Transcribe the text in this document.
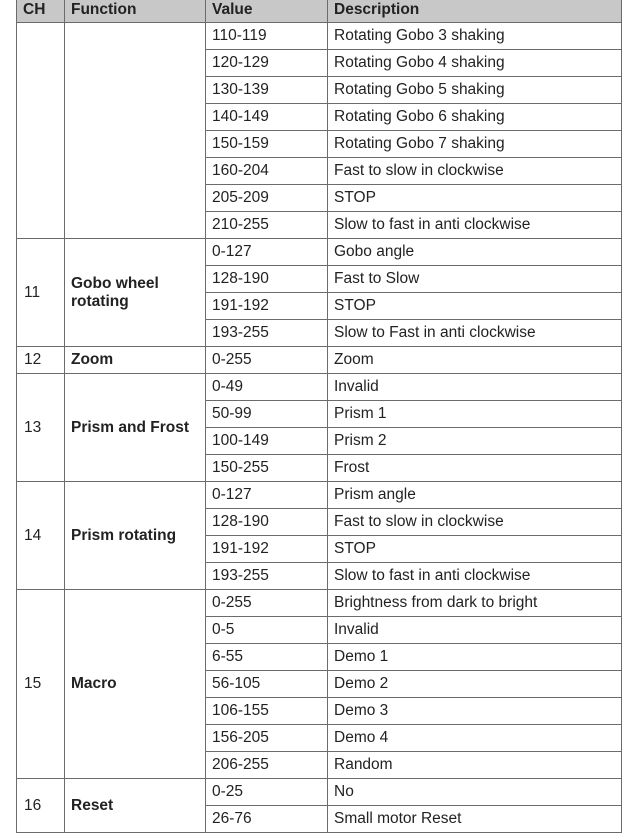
CH	Function	Value	Description
		110-119	Rotating Gobo 3 shaking
		120-129	Rotating Gobo 4 shaking
		130-139	Rotating Gobo 5 shaking
		140-149	Rotating Gobo 6 shaking
		150-159	Rotating Gobo 7 shaking
		160-204	Fast to slow in clockwise
		205-209	STOP
		210-255	Slow to fast in anti clockwise
11	Gobo wheel rotating	0-127	Gobo angle
		128-190	Fast to Slow
		191-192	STOP
		193-255	Slow to Fast in anti clockwise
12	Zoom	0-255	Zoom
13	Prism and Frost	0-49	Invalid
		50-99	Prism 1
		100-149	Prism 2
		150-255	Frost
14	Prism rotating	0-127	Prism angle
		128-190	Fast to slow in clockwise
		191-192	STOP
		193-255	Slow to fast in anti clockwise
15	Macro	0-255	Brightness from dark to bright
		0-5	Invalid
		6-55	Demo 1
		56-105	Demo 2
		106-155	Demo 3
		156-205	Demo 4
		206-255	Random
16	Reset	0-25	No
		26-76	Small motor Reset
